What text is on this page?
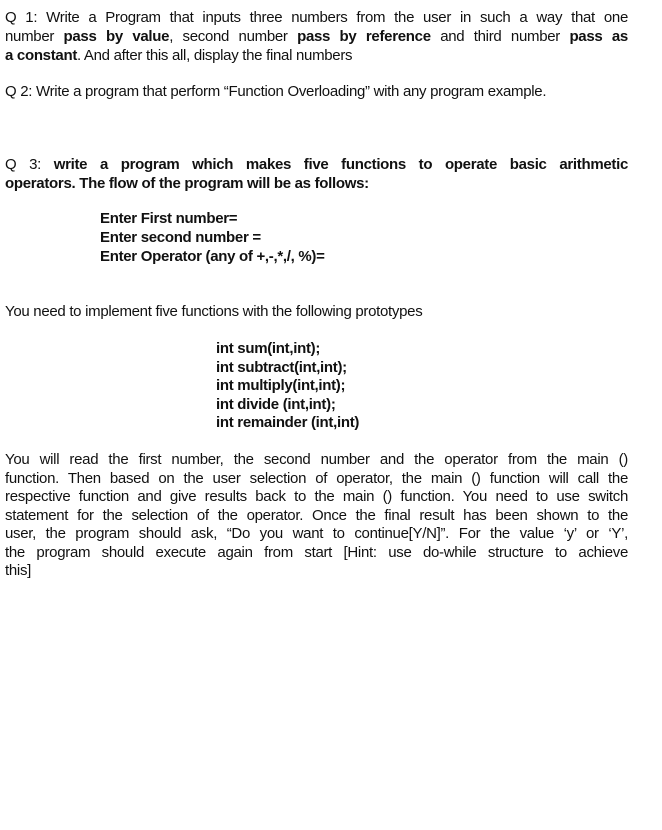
Q 1: Write a Program that inputs three numbers from the user in such a way that one
number pass by value, second number pass by reference and third number pass as
a constant. And after this all, display the final numbers
Q 2: Write a program that perform “Function Overloading” with any program example.
Q 3: write a program which makes five functions to operate basic arithmetic
operators. The flow of the program will be as follows:
Enter First number=
Enter second number =
Enter Operator (any of +,-,*,/, %)=
You need to implement five functions with the following prototypes
int sum(int,int);
int subtract(int,int);
int multiply(int,int);
int divide (int,int);
int remainder (int,int)
You will read the first number, the second number and the operator from the main ()
function. Then based on the user selection of operator, the main () function will call the
respective function and give results back to the main () function. You need to use switch
statement for the selection of the operator. Once the final result has been shown to the
user, the program should ask, “Do you want to continue[Y/N]”. For the value ‘y’ or ‘Y’,
the program should execute again from start [Hint: use do-while structure to achieve
this]
